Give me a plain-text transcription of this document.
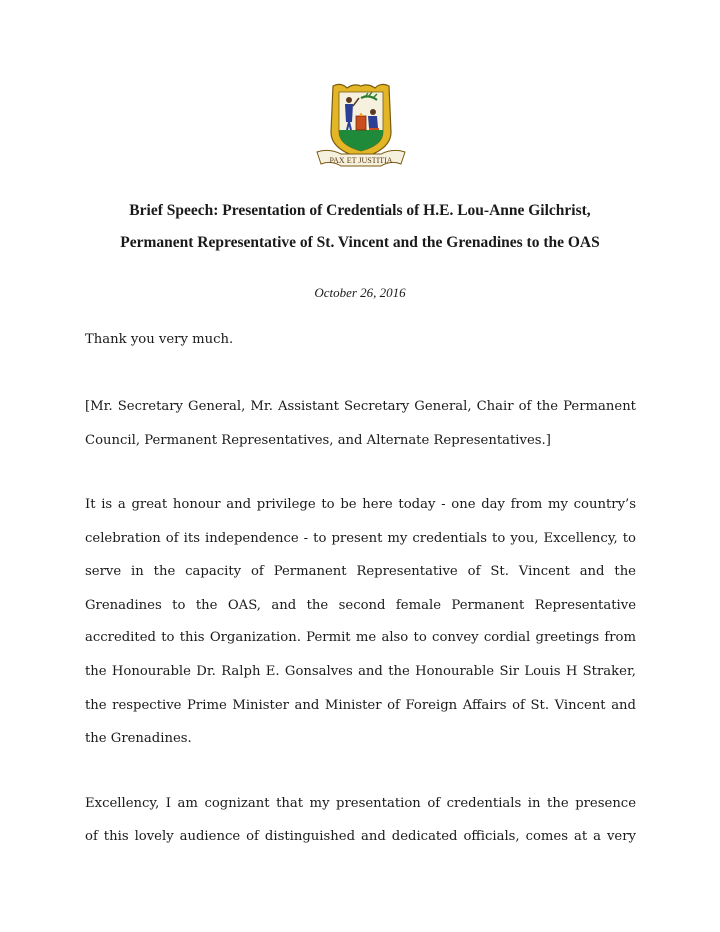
PAX ET JUSTITIA
Brief Speech: Presentation of Credentials of H.E. Lou-Anne Gilchrist,
Permanent Representative of St. Vincent and the Grenadines to the OAS
October 26, 2016
Thank you very much.
[Mr. Secretary General, Mr. Assistant Secretary General, Chair of the Permanent
Council, Permanent Representatives, and Alternate Representatives.]
It is a great honour and privilege to be here today - one day from my country’s
celebration of its independence - to present my credentials to you, Excellency, to
serve in the capacity of Permanent Representative of St. Vincent and the
Grenadines to the OAS, and the second female Permanent Representative
accredited to this Organization. Permit me also to convey cordial greetings from
the Honourable Dr. Ralph E. Gonsalves and the Honourable Sir Louis H Straker,
the respective Prime Minister and Minister of Foreign Affairs of St. Vincent and
the Grenadines.
Excellency, I am cognizant that my presentation of credentials in the presence
of this lovely audience of distinguished and dedicated officials, comes at a very
